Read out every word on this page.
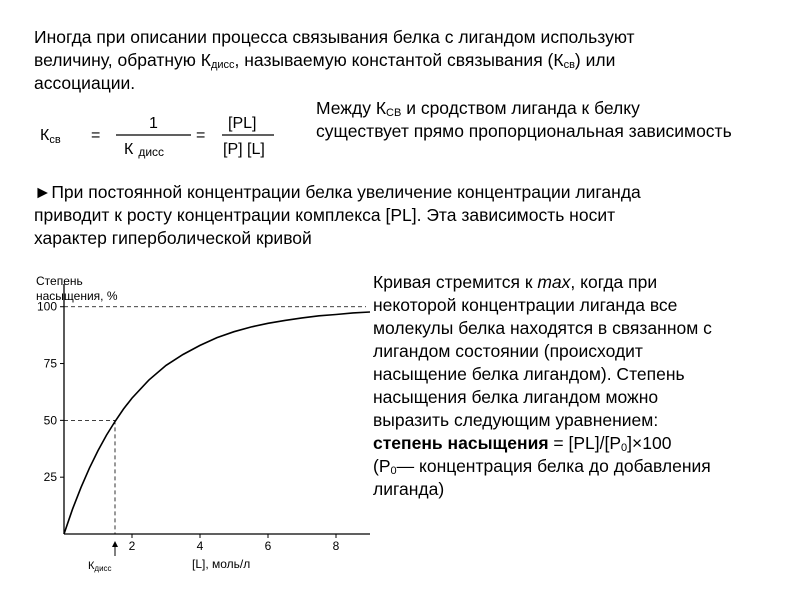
Иногда при описании процесса связывания белка с лигандом используют
величину, обратную $К_{дисс}$, называемую константой связывания $(К_{св})$ или
ассоциации.

Ксв =
1
К дисс
=
[PL]
[P] [L]

Между $К_{СВ}$ и сродством лиганда к белку
существует прямо пропорциональная зависимость

►При постоянной концентрации белка увеличение концентрации лиганда
приводит к росту концентрации комплекса [PL]. Эта зависимость носит
характер гиперболической кривой

Степень
насыщения, %
[L], моль/л
Кдисс
25
50
75
100
2	4	6	8

Кривая стремится к max, когда при
некоторой концентрации лиганда все
молекулы белка находятся в связанном с
лигандом состоянии (происходит
насыщение белка лигандом). Степень
насыщения белка лигандом можно
выразить следующим уравнением:
степень насыщения = $[PL]/[P_0]\times 100$
($P_0—$ концентрация белка до добавления
лиганда)
